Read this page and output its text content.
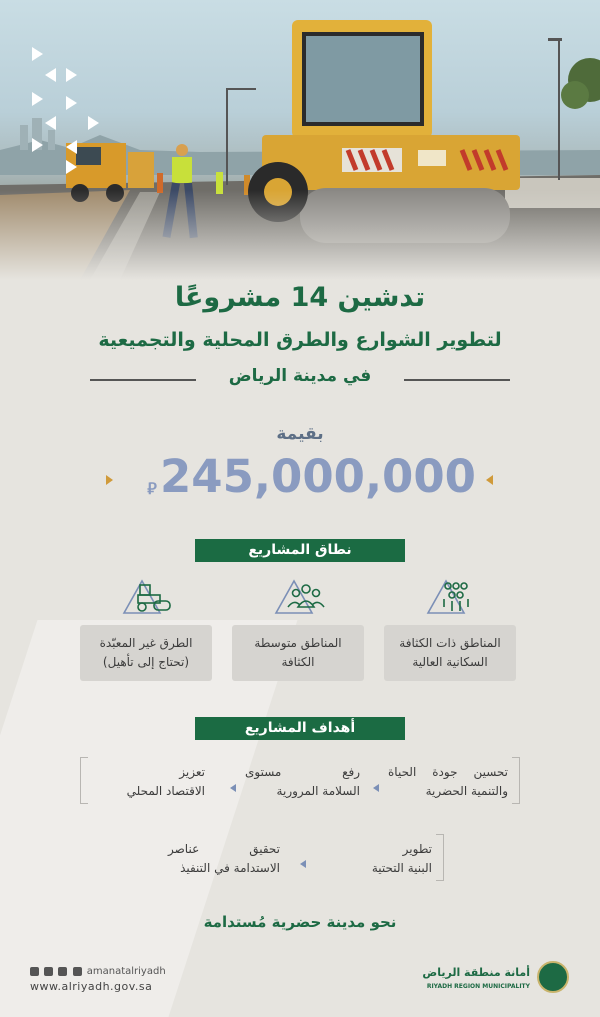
تدشين 14 مشروعًا
لتطوير الشوارع والطرق المحلية والتجميعية
في مدينة الرياض
بقيمة
⃁ 245,000,000
نطاق المشاريع
المناطق ذات الكثافة
السكانية العالية
المناطق متوسطة
الكثافة
الطرق غير المعبّدة
(تحتاج إلى تأهيل)
أهداف المشاريع
تحسين جودة الحياة
والتنمية الحضرية
رفع مستوى
السلامة المرورية
تعزيز
الاقتصاد المحلي
تطوير
البنية التحتية
تحقيق عناصر
الاستدامة في التنفيذ
نحو مدينة حضرية مُستدامة
amanatalriyadh
www.alriyadh.gov.sa
أمانة منطقة الرياض
RIYADH REGION MUNICIPALITY
